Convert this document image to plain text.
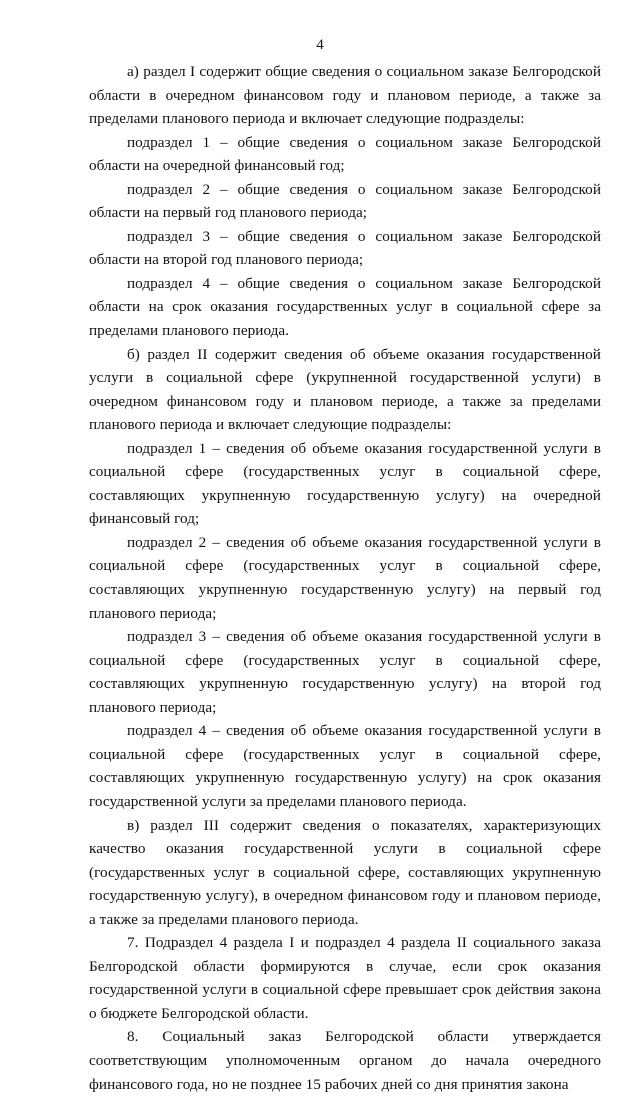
4

а) раздел I содержит общие сведения о социальном заказе Белгородской области в очередном финансовом году и плановом периоде, а также за пределами планового периода и включает следующие подразделы:

подраздел 1 – общие сведения о социальном заказе Белгородской области на очередной финансовый год;

подраздел 2 – общие сведения о социальном заказе Белгородской области на первый год планового периода;

подраздел 3 – общие сведения о социальном заказе Белгородской области на второй год планового периода;

подраздел 4 – общие сведения о социальном заказе Белгородской области на срок оказания государственных услуг в социальной сфере за пределами планового периода.

б) раздел II содержит сведения об объеме оказания государственной услуги в социальной сфере (укрупненной государственной услуги) в очередном финансовом году и плановом периоде, а также за пределами планового периода и включает следующие подразделы:

подраздел 1 – сведения об объеме оказания государственной услуги в социальной сфере (государственных услуг в социальной сфере, составляющих укрупненную государственную услугу) на очередной финансовый год;

подраздел 2 – сведения об объеме оказания государственной услуги в социальной сфере (государственных услуг в социальной сфере, составляющих укрупненную государственную услугу) на первый год планового периода;

подраздел 3 – сведения об объеме оказания государственной услуги в социальной сфере (государственных услуг в социальной сфере, составляющих укрупненную государственную услугу) на второй год планового периода;

подраздел 4 – сведения об объеме оказания государственной услуги в социальной сфере (государственных услуг в социальной сфере, составляющих укрупненную государственную услугу) на срок оказания государственной услуги за пределами планового периода.

в) раздел III содержит сведения о показателях, характеризующих качество оказания государственной услуги в социальной сфере (государственных услуг в социальной сфере, составляющих укрупненную государственную услугу), в очередном финансовом году и плановом периоде, а также за пределами планового периода.

7. Подраздел 4 раздела I и подраздел 4 раздела II социального заказа Белгородской области формируются в случае, если срок оказания государственной услуги в социальной сфере превышает срок действия закона о бюджете Белгородской области.

8. Социальный заказ Белгородской области утверждается соответствующим уполномоченным органом до начала очередного финансового года, но не позднее 15 рабочих дней со дня принятия закона
